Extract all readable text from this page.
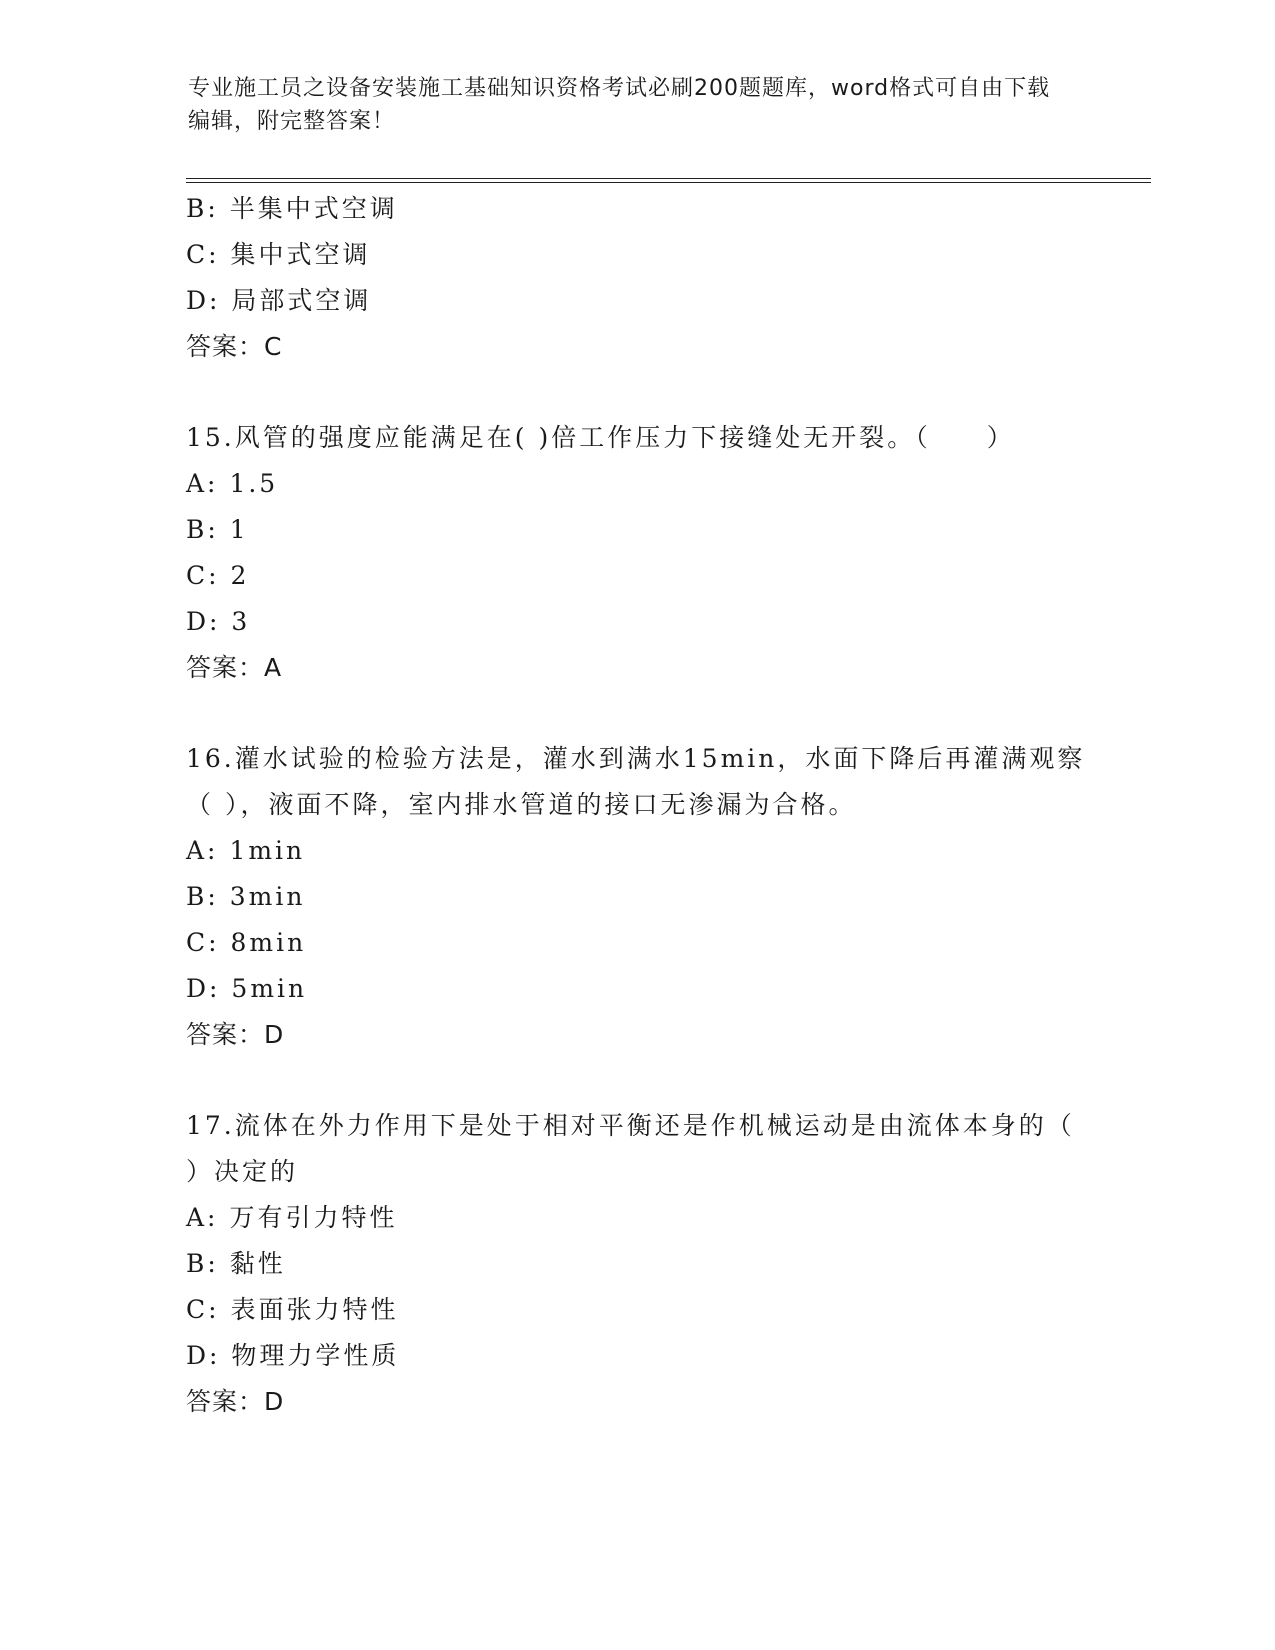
专业施工员之设备安装施工基础知识资格考试必刷200题题库，word格式可自由下载编辑，附完整答案！
B: 半集中式空调
C: 集中式空调
D: 局部式空调
答案：C
15.风管的强度应能满足在( )倍工作压力下接缝处无开裂。（　　）
A: 1.5
B: 1
C: 2
D: 3
答案：A
16.灌水试验的检验方法是，灌水到满水15min，水面下降后再灌满观察（ ），液面不降，室内排水管道的接口无渗漏为合格。
A: 1min
B: 3min
C: 8min
D: 5min
答案：D
17.流体在外力作用下是处于相对平衡还是作机械运动是由流体本身的（ ）决定的
A: 万有引力特性
B: 黏性
C: 表面张力特性
D: 物理力学性质
答案：D
